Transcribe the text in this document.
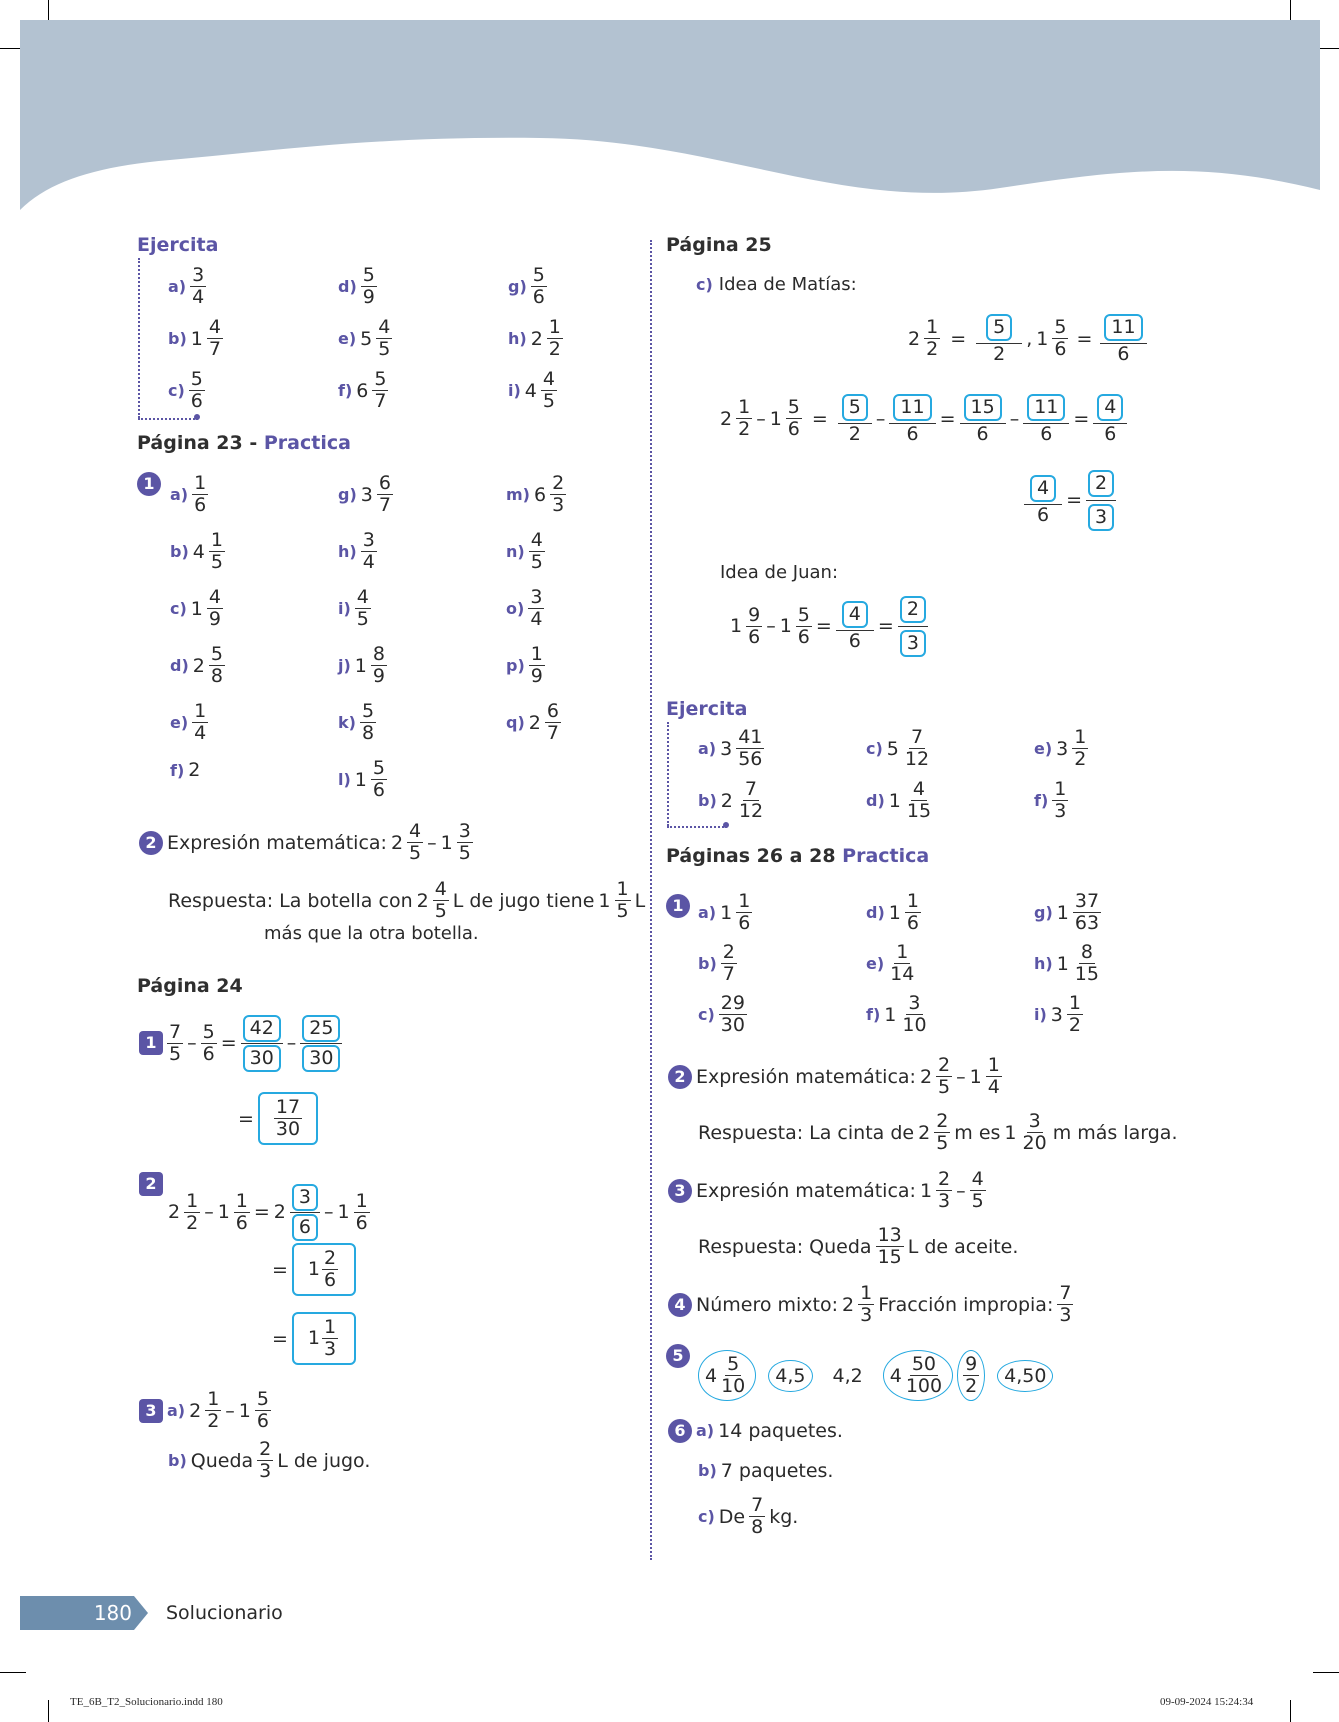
Ejercita
$a) \frac{3}{4}$	$d) \frac{5}{9}$	$g) \frac{5}{6}$
b) $1 \frac{4}{7}$	e) $5 \frac{4}{5}$	h) $2 \frac{1}{2}$
$c) \frac{5}{6}$	f) $6 \frac{5}{7}$	i) $4 \frac{4}{5}$
Página 23 - Practica
1
$a) \frac{1}{6}$	g) $3 \frac{6}{7}$	m) $6 \frac{2}{3}$
b) $4 \frac{1}{5}$	$h) \frac{3}{4}$	$n) \frac{4}{5}$
c) $1 \frac{4}{9}$	$i) \frac{4}{5}$	$o) \frac{3}{4}$
d) $2 \frac{5}{8}$	j) $1 \frac{8}{9}$	$p) \frac{1}{9}$
$e) \frac{1}{4}$	$k) \frac{5}{8}$	q) $2 \frac{6}{7}$
f) 2	l) $1 \frac{5}{6}$
2 Expresión matemática: $2 \frac{4}{5} - 1 \frac{3}{5}$
Respuesta: La botella con $2 \frac{4}{5}$ L de jugo tiene $1 \frac{1}{5}$ L
más que la otra botella.
Página 24
$1 \frac{7}{5} - \frac{5}{6} = \frac{42}{30} - \frac{25}{30}$
= $\frac{17}{30}$
2
$2 \frac{1}{2} - 1 \frac{1}{6} = 2 \frac{3}{6} - 1 \frac{1}{6}$
= $1 \frac{2}{6}$
= $1 \frac{1}{3}$
3 a) $2 \frac{1}{2} - 1 \frac{5}{6}$
b) Queda $\frac{2}{3}$ L de jugo.
Página 25
c) Idea de Matías:
$2 \frac{1}{2} = \frac{5}{2}$ , $1 \frac{5}{6} = \frac{11}{6}$
$2 \frac{1}{2} - 1 \frac{5}{6} = \frac{5}{2} - \frac{11}{6} = \frac{15}{6} - \frac{11}{6} = \frac{4}{6}$
$\frac{4}{6} = \frac{2}{3}$
Idea de Juan:
$1 \frac{9}{6} - 1 \frac{5}{6} = \frac{4}{6} = \frac{2}{3}$
Ejercita
a) $3 \frac{41}{56}$	c) $5 \frac{7}{12}$	e) $3 \frac{1}{2}$
b) $2 \frac{7}{12}$	d) $1 \frac{4}{15}$	$f) \frac{1}{3}$
Páginas 26 a 28 Practica
1 a) $1 \frac{1}{6}$	d) $1 \frac{1}{6}$	g) $1 \frac{37}{63}$
$b) \frac{2}{7}$	$e) \frac{1}{14}$	h) $1 \frac{8}{15}$
$c) \frac{29}{30}$	f) $1 \frac{3}{10}$	i) $3 \frac{1}{2}$
2 Expresión matemática: $2 \frac{2}{5} - 1 \frac{1}{4}$
Respuesta: La cinta de $2 \frac{2}{5}$ m es $1 \frac{3}{20}$ m más larga.
3 Expresión matemática: $1 \frac{2}{3} - \frac{4}{5}$
Respuesta: Queda $\frac{13}{15}$ L de aceite.
4 Número mixto: $2 \frac{1}{3}$ Fracción impropia: $\frac{7}{3}$
5
$4 \frac{5}{10}$	4,5	4,2 $4 \frac{50}{100} \frac{9}{2}$	4,50
6 a) 14 paquetes.
b) 7 paquetes.
c) De $\frac{7}{8}$ kg.
180 Solucionario
TE_6B_T2_Solucionario.indd 180	09-09-2024 15:24:34
